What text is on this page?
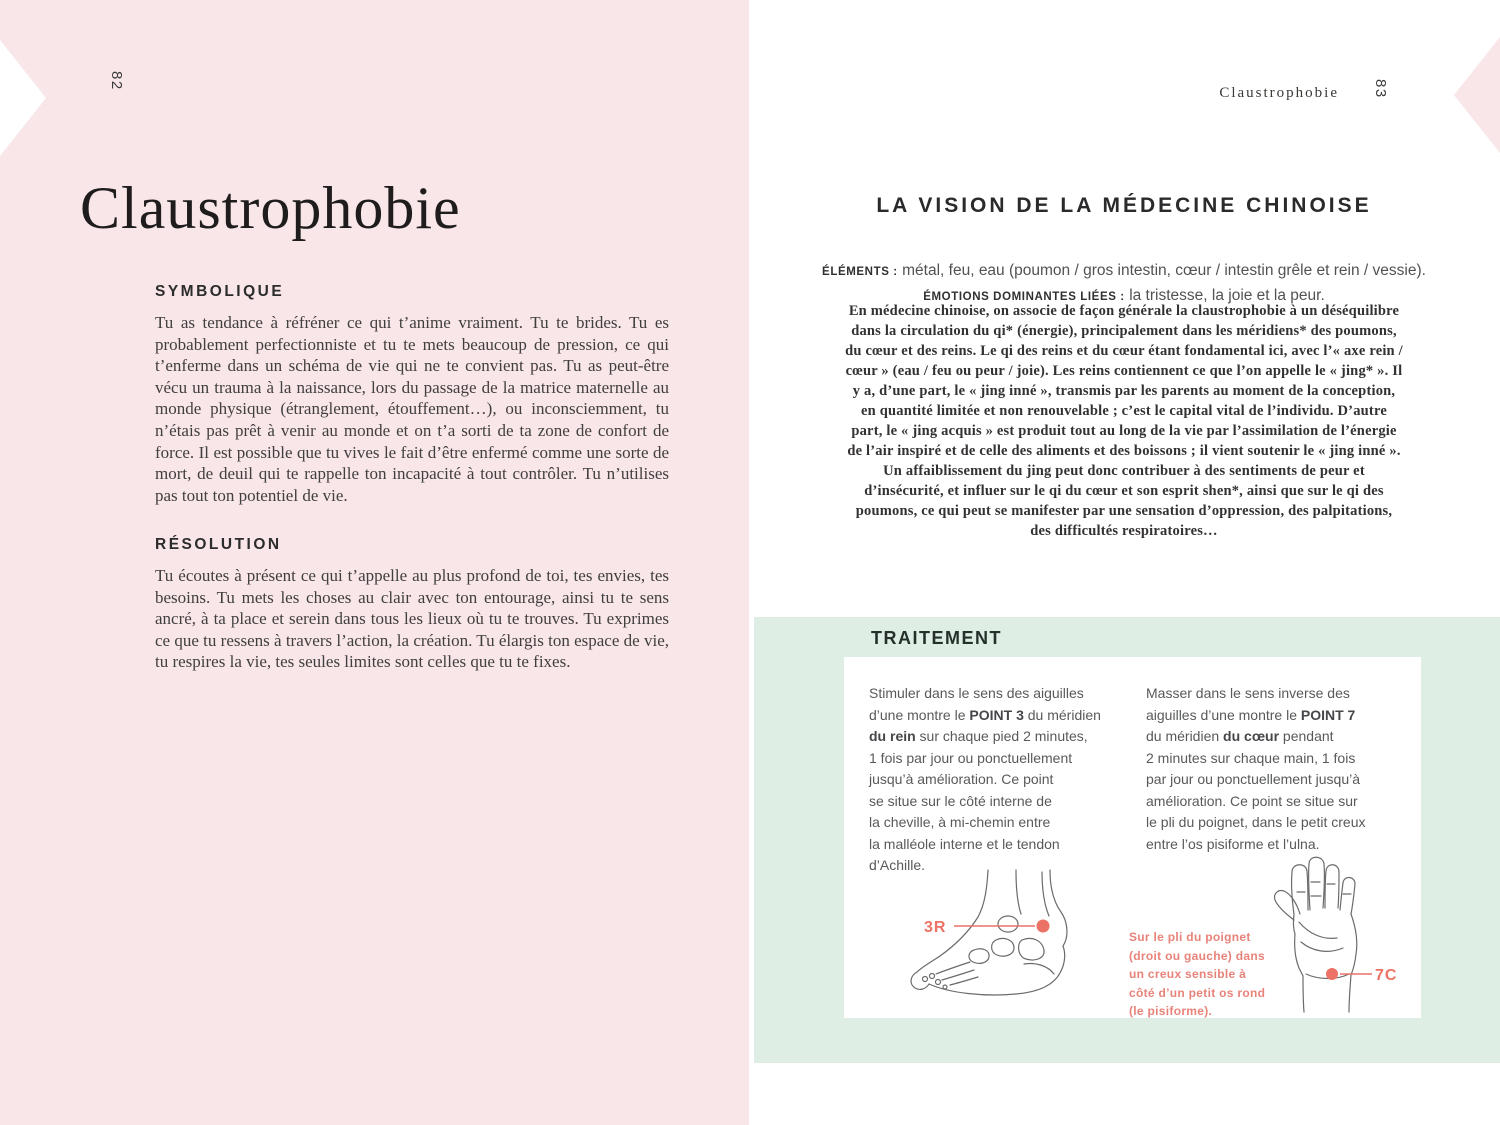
82
Claustrophobie
SYMBOLIQUE

Tu as tendance à réfréner ce qui t’anime vraiment. Tu te brides. Tu es probablement perfectionniste et tu te mets beaucoup de pression, ce qui t’enferme dans un schéma de vie qui ne te convient pas. Tu as peut-être vécu un trauma à la naissance, lors du passage de la matrice maternelle au monde physique (étranglement, étouffement…), ou inconsciemment, tu n’étais pas prêt à venir au monde et on t’a sorti de ta zone de confort de force. Il est possible que tu vives le fait d’être enfermé comme une sorte de mort, de deuil qui te rappelle ton incapacité à tout contrôler. Tu n’utilises pas tout ton potentiel de vie.

RÉSOLUTION

Tu écoutes à présent ce qui t’appelle au plus profond de toi, tes envies, tes besoins. Tu mets les choses au clair avec ton entourage, ainsi tu te sens ancré, à ta place et serein dans tous les lieux où tu te trouves. Tu exprimes ce que tu ressens à travers l’action, la création. Tu élargis ton espace de vie, tu respires la vie, tes seules limites sont celles que tu te fixes.

Claustrophobie 83
LA VISION DE LA MÉDECINE CHINOISE
ÉLÉMENTS : métal, feu, eau (poumon / gros intestin, cœur / intestin grêle et rein / vessie).
ÉMOTIONS DOMINANTES LIÉES : la tristesse, la joie et la peur.

En médecine chinoise, on associe de façon générale la claustrophobie à un déséquilibre dans la circulation du qi* (énergie), principalement dans les méridiens* des poumons, du cœur et des reins. Le qi des reins et du cœur étant fondamental ici, avec l’« axe rein / cœur » (eau / feu ou peur / joie). Les reins contiennent ce que l’on appelle le « jing* ». Il y a, d’une part, le « jing inné », transmis par les parents au moment de la conception, en quantité limitée et non renouvelable ; c’est le capital vital de l’individu. D’autre part, le « jing acquis » est produit tout au long de la vie par l’assimilation de l’énergie de l’air inspiré et de celle des aliments et des boissons ; il vient soutenir le « jing inné ». Un affaiblissement du jing peut donc contribuer à des sentiments de peur et d’insécurité, et influer sur le qi du cœur et son esprit shen*, ainsi que sur le qi des poumons, ce qui peut se manifester par une sensation d’oppression, des palpitations, des difficultés respiratoires…

TRAITEMENT
Stimuler dans le sens des aiguilles
d’une montre le POINT 3 du méridien
du rein sur chaque pied 2 minutes,
1 fois par jour ou ponctuellement
jusqu’à amélioration. Ce point
se situe sur le côté interne de
la cheville, à mi-chemin entre
la malléole interne et le tendon
d’Achille.
Masser dans le sens inverse des
aiguilles d’une montre le POINT 7
du méridien du cœur pendant
2 minutes sur chaque main, 1 fois
par jour ou ponctuellement jusqu’à
amélioration. Ce point se situe sur
le pli du poignet, dans le petit creux
entre l’os pisiforme et l’ulna.
3R
7C
Sur le pli du poignet
(droit ou gauche) dans
un creux sensible à
côté d’un petit os rond
(le pisiforme).
